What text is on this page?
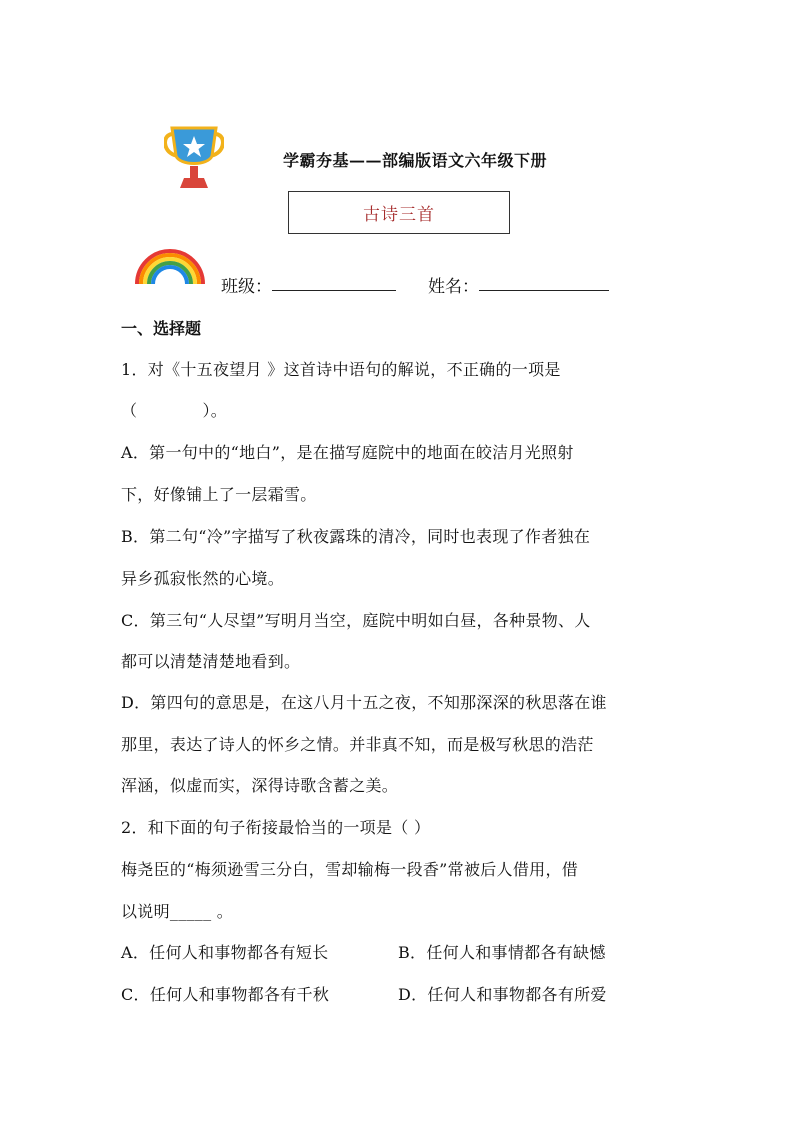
学霸夯基——部编版语文六年级下册
古诗三首
班级：	姓名：
一、选择题
1．对《十五夜望月 》这首诗中语句的解说，不正确的一项是
（　　　　）。
A．第一句中的“地白”，是在描写庭院中的地面在皎洁月光照射
下，好像铺上了一层霜雪。
B．第二句“冷”字描写了秋夜露珠的清冷，同时也表现了作者独在
异乡孤寂怅然的心境。
C．第三句“人尽望”写明月当空，庭院中明如白昼，各种景物、人
都可以清楚清楚地看到。
D．第四句的意思是，在这八月十五之夜，不知那深深的秋思落在谁
那里，表达了诗人的怀乡之情。并非真不知，而是极写秋思的浩茫
浑涵，似虚而实，深得诗歌含蓄之美。
2．和下面的句子衔接最恰当的一项是（ ）
梅尧臣的“梅须逊雪三分白，雪却输梅一段香”常被后人借用，借
以说明_____ 。
A．任何人和事物都各有短长	B．任何人和事情都各有缺憾
C．任何人和事物都各有千秋	D．任何人和事物都各有所爱
